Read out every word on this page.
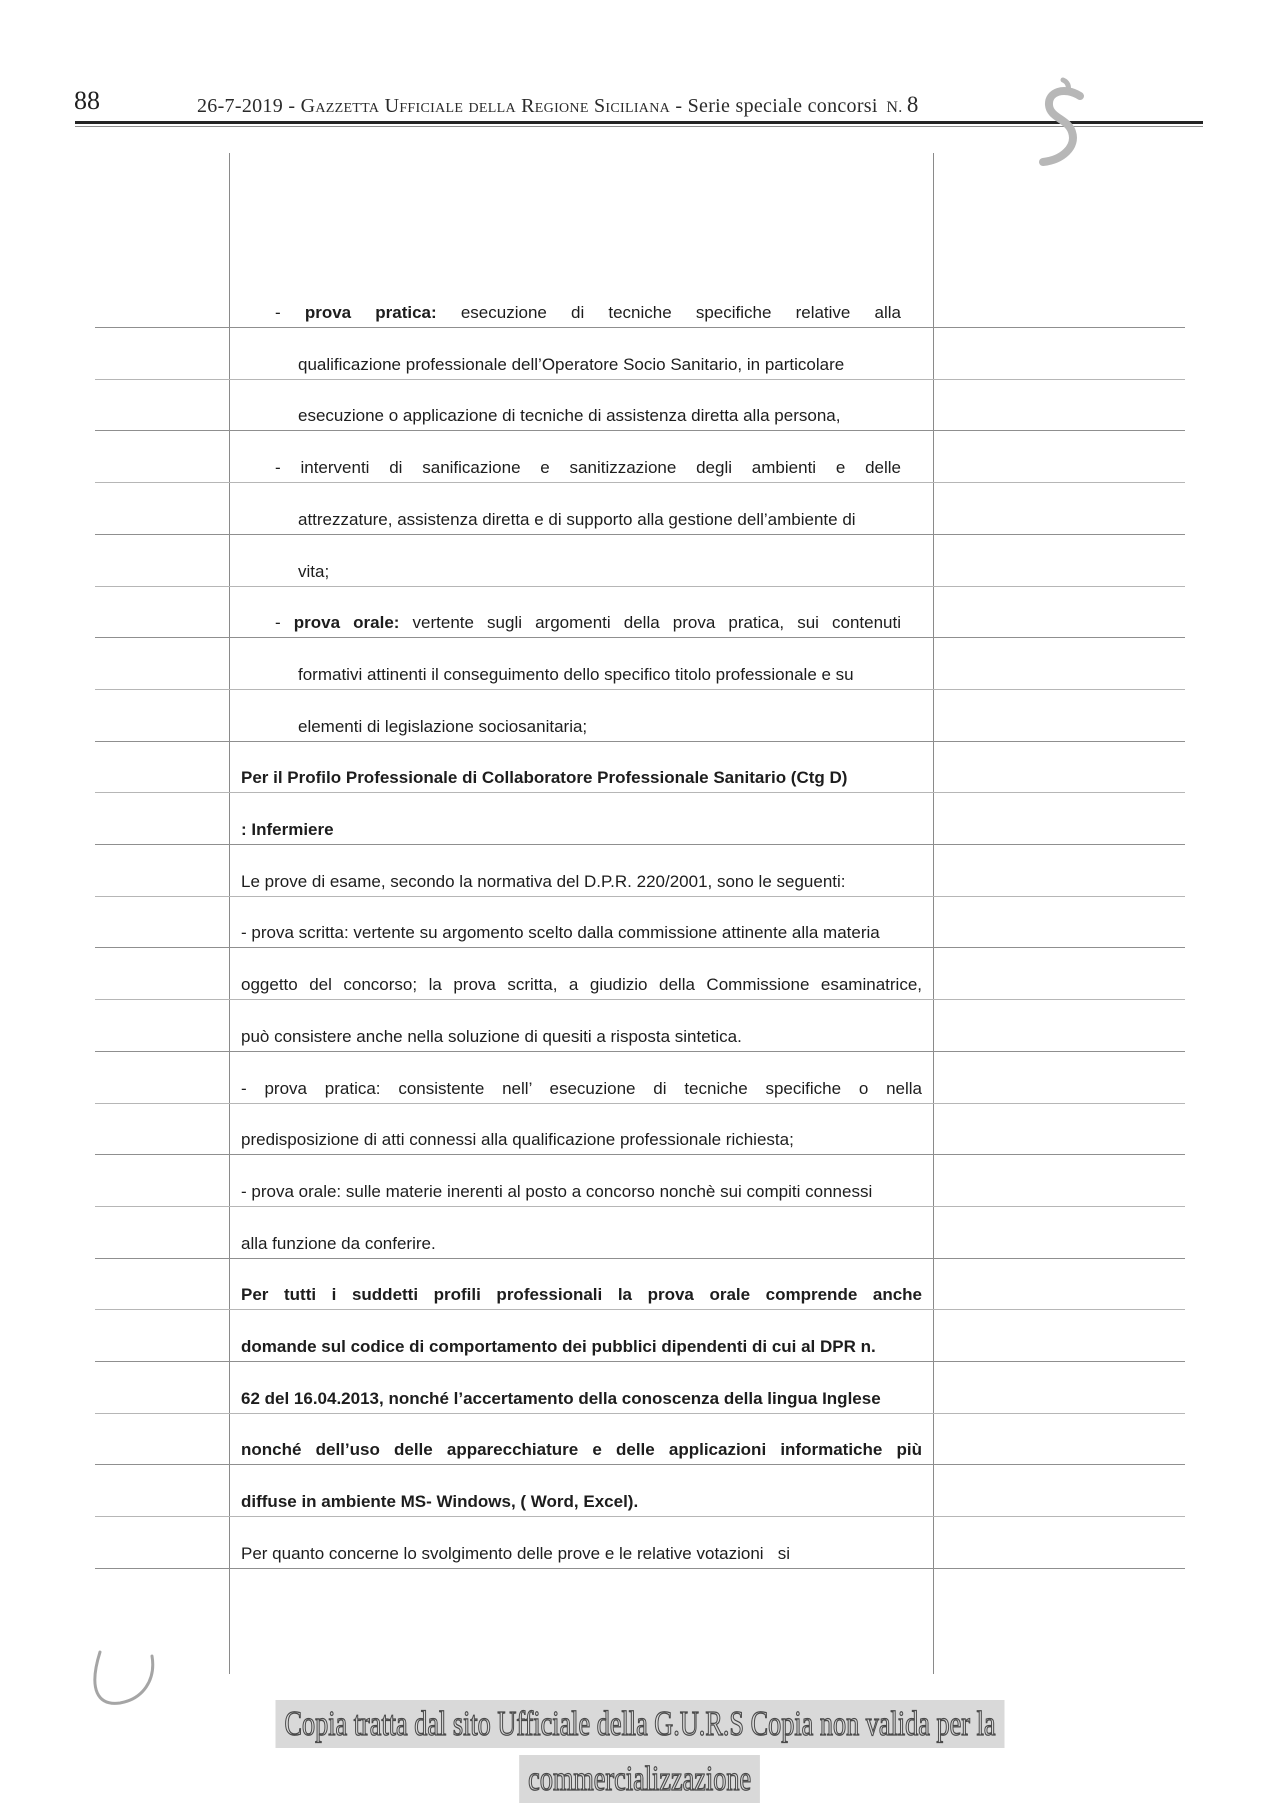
88	26-7-2019 - Gazzetta Ufficiale della Regione Siciliana - Serie speciale concorsi  N. 8

- prova pratica: esecuzione di tecniche specifiche relative alla
qualificazione professionale dell’Operatore Socio Sanitario, in particolare
esecuzione o applicazione di tecniche di assistenza diretta alla persona,
- interventi di sanificazione e sanitizzazione degli ambienti e delle
attrezzature, assistenza diretta e di supporto alla gestione dell’ambiente di
vita;
- prova orale: vertente sugli argomenti della prova pratica, sui contenuti
formativi attinenti il conseguimento dello specifico titolo professionale e su
elementi di legislazione sociosanitaria;
Per il Profilo Professionale di Collaboratore Professionale Sanitario (Ctg D)
: Infermiere
Le prove di esame, secondo la normativa del D.P.R. 220/2001, sono le seguenti:
- prova scritta: vertente su argomento scelto dalla commissione attinente alla materia
oggetto del concorso; la prova scritta, a giudizio della Commissione esaminatrice,
può consistere anche nella soluzione di quesiti a risposta sintetica.
- prova pratica: consistente nell’ esecuzione di tecniche specifiche o nella
predisposizione di atti connessi alla qualificazione professionale richiesta;
- prova orale: sulle materie inerenti al posto a concorso nonchè sui compiti connessi
alla funzione da conferire.
Per tutti i suddetti profili professionali la prova orale comprende anche
domande sul codice di comportamento dei pubblici dipendenti di cui al DPR n.
62 del 16.04.2013, nonché l’accertamento della conoscenza della lingua Inglese
nonché dell’uso delle apparecchiature e delle applicazioni informatiche più
diffuse in ambiente MS- Windows, ( Word, Excel).
Per quanto concerne lo svolgimento delle prove e le relative votazioni   si
Copia tratta dal sito Ufficiale della G.U.R.S Copia non valida per la
commercializzazione
